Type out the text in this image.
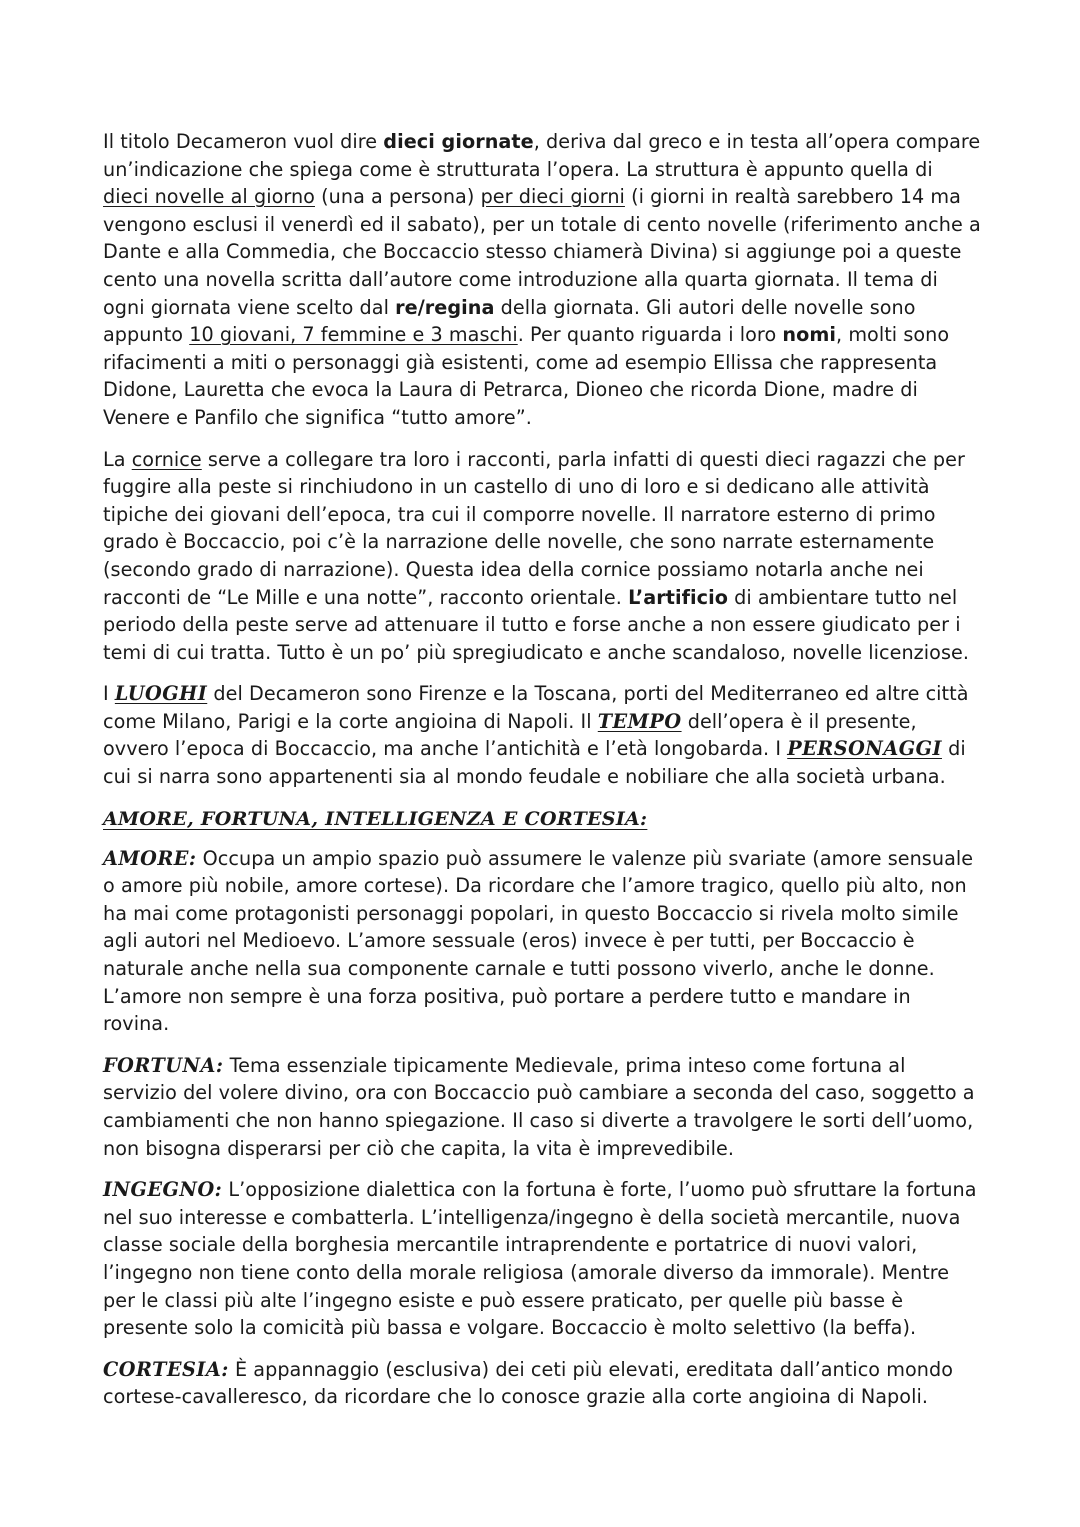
Il titolo Decameron vuol dire dieci giornate, deriva dal greco e in testa all’opera compare un’indicazione che spiega come è strutturata l’opera. La struttura è appunto quella di dieci novelle al giorno (una a persona) per dieci giorni (i giorni in realtà sarebbero 14 ma vengono esclusi il venerdì ed il sabato), per un totale di cento novelle (riferimento anche a Dante e alla Commedia, che Boccaccio stesso chiamerà Divina) si aggiunge poi a queste cento una novella scritta dall’autore come introduzione alla quarta giornata. Il tema di ogni giornata viene scelto dal re/regina della giornata. Gli autori delle novelle sono appunto 10 giovani, 7 femmine e 3 maschi. Per quanto riguarda i loro nomi, molti sono rifacimenti a miti o personaggi già esistenti, come ad esempio Ellissa che rappresenta Didone, Lauretta che evoca la Laura di Petrarca, Dioneo che ricorda Dione, madre di Venere e Panfilo che significa “tutto amore”.

La cornice serve a collegare tra loro i racconti, parla infatti di questi dieci ragazzi che per fuggire alla peste si rinchiudono in un castello di uno di loro e si dedicano alle attività tipiche dei giovani dell’epoca, tra cui il comporre novelle. Il narratore esterno di primo grado è Boccaccio, poi c’è la narrazione delle novelle, che sono narrate esternamente (secondo grado di narrazione). Questa idea della cornice possiamo notarla anche nei racconti de “Le Mille e una notte”, racconto orientale. L’artificio di ambientare tutto nel periodo della peste serve ad attenuare il tutto e forse anche a non essere giudicato per i temi di cui tratta. Tutto è un po’ più spregiudicato e anche scandaloso, novelle licenziose.

I LUOGHI del Decameron sono Firenze e la Toscana, porti del Mediterraneo ed altre città come Milano, Parigi e la corte angioina di Napoli. Il TEMPO dell’opera è il presente, ovvero l’epoca di Boccaccio, ma anche l’antichità e l’età longobarda. I PERSONAGGI di cui si narra sono appartenenti sia al mondo feudale e nobiliare che alla società urbana.

AMORE, FORTUNA, INTELLIGENZA E CORTESIA:

AMORE: Occupa un ampio spazio può assumere le valenze più svariate (amore sensuale o amore più nobile, amore cortese). Da ricordare che l’amore tragico, quello più alto, non ha mai come protagonisti personaggi popolari, in questo Boccaccio si rivela molto simile agli autori nel Medioevo. L’amore sessuale (eros) invece è per tutti, per Boccaccio è naturale anche nella sua componente carnale e tutti possono viverlo, anche le donne. L’amore non sempre è una forza positiva, può portare a perdere tutto e mandare in rovina.

FORTUNA: Tema essenziale tipicamente Medievale, prima inteso come fortuna al servizio del volere divino, ora con Boccaccio può cambiare a seconda del caso, soggetto a cambiamenti che non hanno spiegazione. Il caso si diverte a travolgere le sorti dell’uomo, non bisogna disperarsi per ciò che capita, la vita è imprevedibile.

INGEGNO: L’opposizione dialettica con la fortuna è forte, l’uomo può sfruttare la fortuna nel suo interesse e combatterla. L’intelligenza/ingegno è della società mercantile, nuova classe sociale della borghesia mercantile intraprendente e portatrice di nuovi valori, l’ingegno non tiene conto della morale religiosa (amorale diverso da immorale). Mentre per le classi più alte l’ingegno esiste e può essere praticato, per quelle più basse è presente solo la comicità più bassa e volgare. Boccaccio è molto selettivo (la beffa).

CORTESIA: È appannaggio (esclusiva) dei ceti più elevati, ereditata dall’antico mondo cortese-cavalleresco, da ricordare che lo conosce grazie alla corte angioina di Napoli.
